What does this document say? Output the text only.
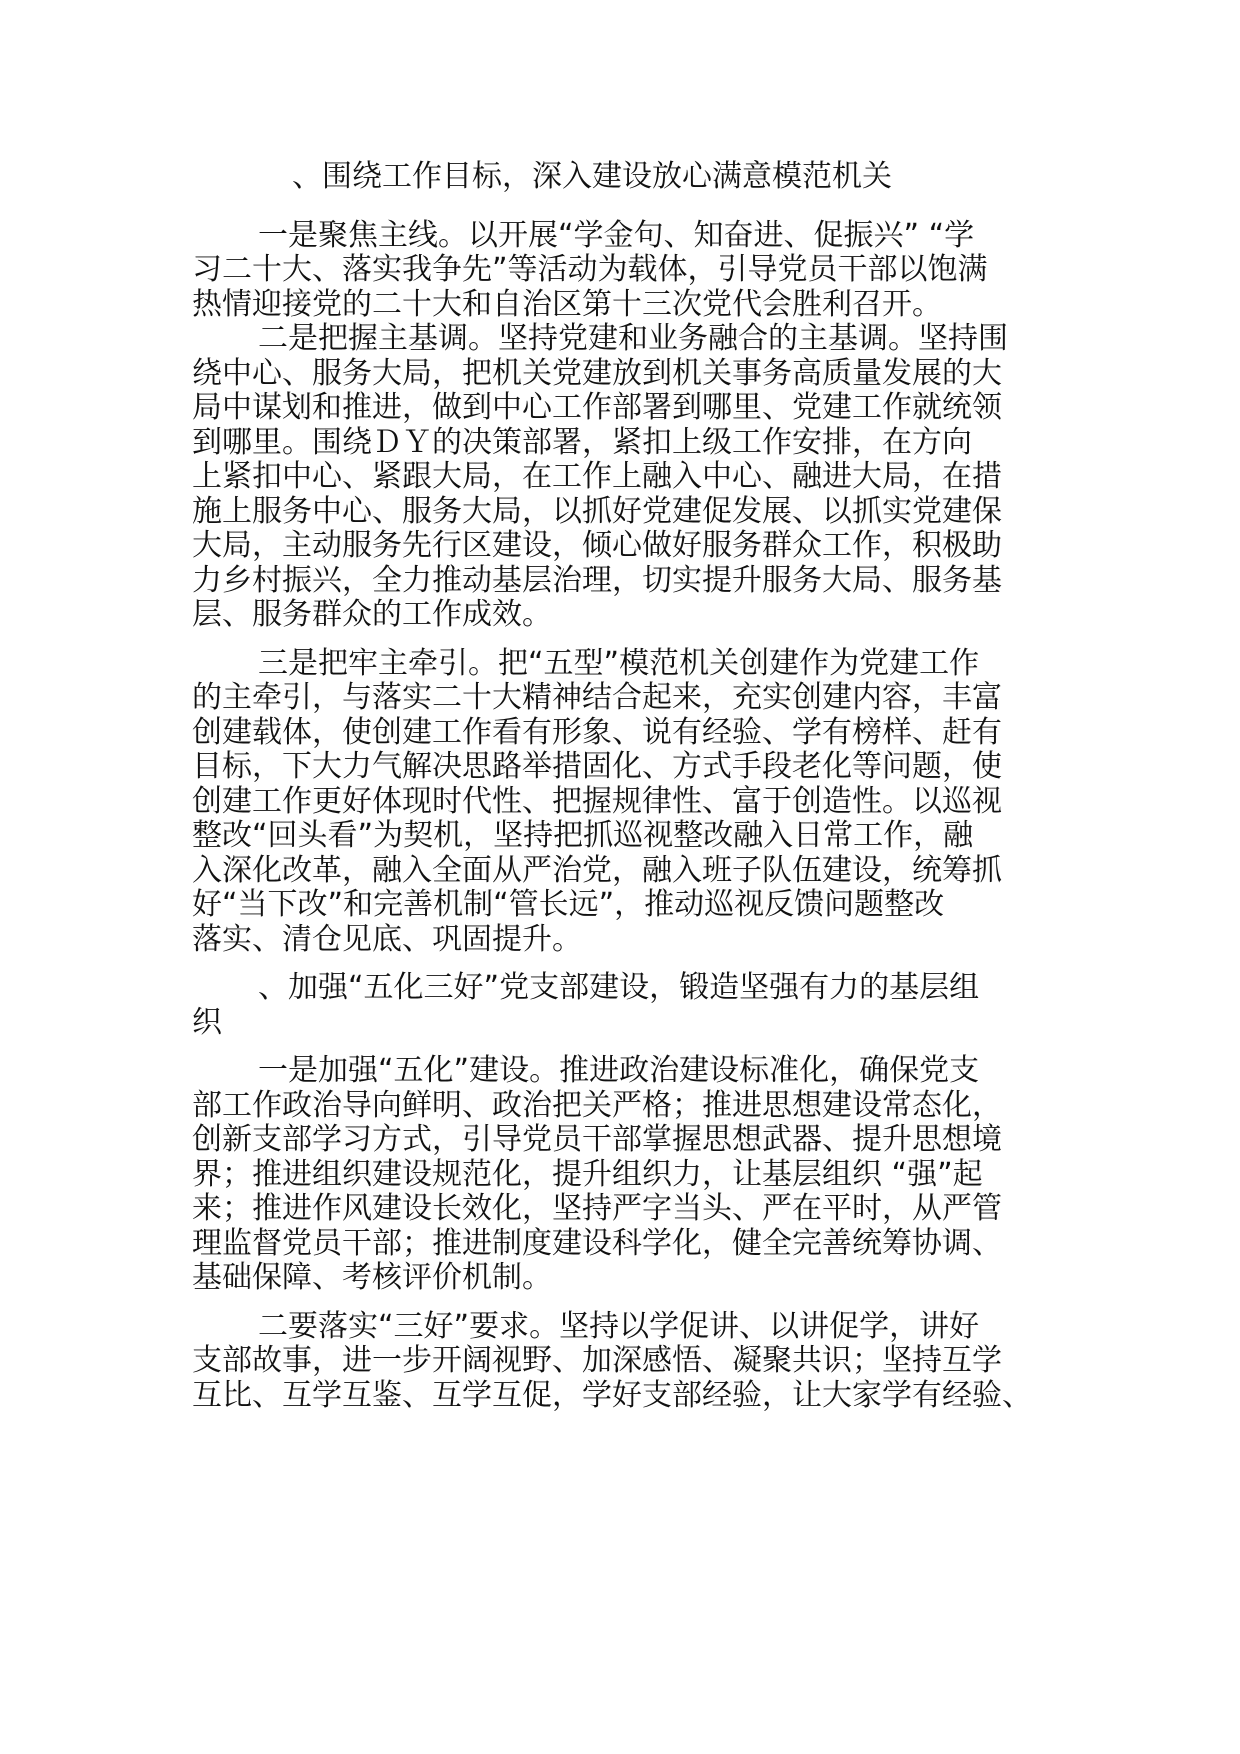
、围绕工作目标，深入建设放心满意模范机关
一是聚焦主线。以开展“学金句、知奋进、促振兴” “学
习二十大、落实我争先”等活动为载体，引导党员干部以饱满
热情迎接党的二十大和自治区第十三次党代会胜利召开。
二是把握主基调。坚持党建和业务融合的主基调。坚持围
绕中心、服务大局，把机关党建放到机关事务高质量发展的大
局中谋划和推进，做到中心工作部署到哪里、党建工作就统领
到哪里。围绕ＤＹ的决策部署，紧扣上级工作安排，在方向
上紧扣中心、紧跟大局，在工作上融入中心、融进大局，在措
施上服务中心、服务大局，以抓好党建促发展、以抓实党建保
大局，主动服务先行区建设，倾心做好服务群众工作，积极助
力乡村振兴，全力推动基层治理，切实提升服务大局、服务基
层、服务群众的工作成效。
三是把牢主牵引。把“五型”模范机关创建作为党建工作
的主牵引，与落实二十大精神结合起来，充实创建内容，丰富
创建载体，使创建工作看有形象、说有经验、学有榜样、赶有
目标，下大力气解决思路举措固化、方式手段老化等问题，使
创建工作更好体现时代性、把握规律性、富于创造性。以巡视
整改“回头看”为契机，坚持把抓巡视整改融入日常工作，融
入深化改革，融入全面从严治党，融入班子队伍建设，统筹抓
好“当下改”和完善机制“管长远”，推动巡视反馈问题整改
落实、清仓见底、巩固提升。
、加强“五化三好”党支部建设，锻造坚强有力的基层组
织
一是加强“五化”建设。推进政治建设标准化，确保党支
部工作政治导向鲜明、政治把关严格；推进思想建设常态化，
创新支部学习方式，引导党员干部掌握思想武器、提升思想境
界；推进组织建设规范化，提升组织力，让基层组织 “强”起
来；推进作风建设长效化，坚持严字当头、严在平时，从严管
理监督党员干部；推进制度建设科学化，健全完善统筹协调、
基础保障、考核评价机制。
二要落实“三好”要求。坚持以学促讲、以讲促学，讲好
支部故事，进一步开阔视野、加深感悟、凝聚共识；坚持互学
互比、互学互鉴、互学互促，学好支部经验，让大家学有经验、
